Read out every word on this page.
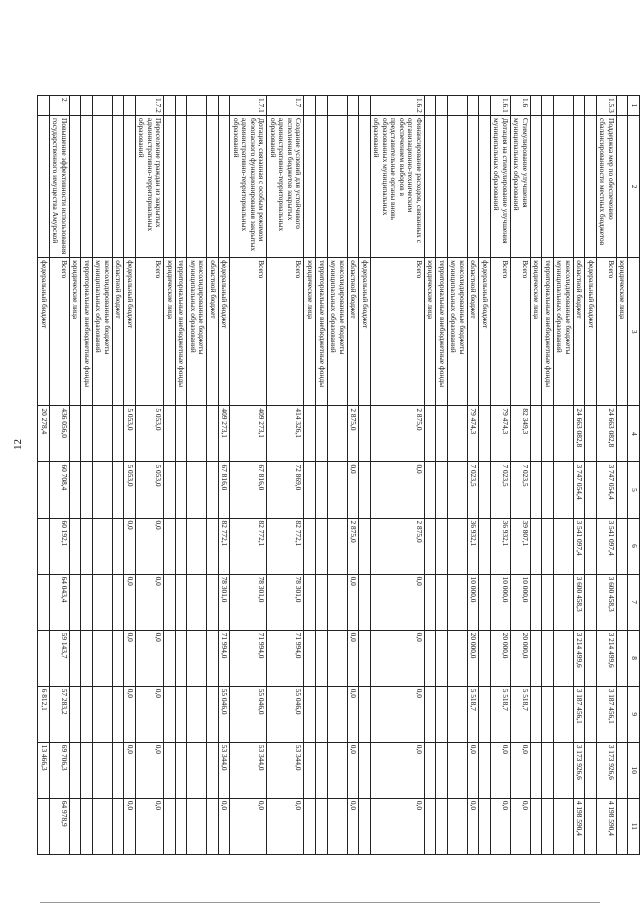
12
1	2	3	4	5	6	7	8	9	10	11
		юридические лица								
1.5.3	Поддержка мер по обеспечению сбалансированности местных бюджетов	Всего	24 663 082,8	3 747 054,4	3 541 097,4	3 600 458,3	3 214 499,6	3 187 456,1	3 173 926,6	4 198 590,4
		федеральный бюджет								
		областной бюджет	24 663 082,8	3 747 054,4	3 541 097,4	3 600 458,3	3 214 499,6	3 187 456,1	3 173 926,6	4 198 590,4
		консолидированные бюджеты муниципальных образований								
		территориальные внебюджетные фонды								
		юридические лица								
1.6	Стимулирование улучшения муниципальных образований	Всего	82 349,3	7 023,5	39 807,1	10 000,0	20 000,0	5 518,7	0,0	0,0
1.6.1	Дотация на стимулирование улучшения муниципальных образований	Всего	79 474,3	7 023,5	36 932,1	10 000,0	20 000,0	5 518,7	0,0	0,0
		федеральный бюджет								
		областной бюджет	79 474,3	7 023,5	36 932,1	10 000,0	20 000,0	5 518,7	0,0	0,0
		консолидированные бюджеты муниципальных образований								
		территориальные внебюджетные фонды								
		юридические лица								
1.6.2	Финансирование расходов, связанных с организационно-техническим обеспечением выборов в представительные органы вновь образованных муниципальных образований	Всего	2 875,0	0,0	2 875,0	0,0	0,0	0,0	0,0	0,0
		федеральный бюджет								
		областной бюджет	2 875,0	0,0	2 875,0	0,0	0,0	0,0	0,0	0,0
		консолидированные бюджеты муниципальных образований								
		территориальные внебюджетные фонды								
		юридические лица								
1.7	Создание условий для устойчивого исполнения бюджетов закрытых административно-территориальных образований	Всего	414 326,1	72 869,0	82 772,1	78 301,0	71 994,0	55 046,0	53 344,0	0,0
1.7.1	Дотация, связанная с особым режимом безопасного функционирования закрытых административно-территориальных образований	Всего	409 273,1	67 816,0	82 772,1	78 301,0	71 994,0	55 046,0	53 344,0	0,0
		федеральный бюджет	409 273,1	67 816,0	82 772,1	78 301,0	71 994,0	55 046,0	53 344,0	0,0
		областной бюджет								
		консолидированные бюджеты муниципальных образований								
		территориальные внебюджетные фонды								
		юридические лица								
1.7.2	Переселение граждан из закрытых административно-территориальных образований	Всего	5 053,0	5 053,0	0,0	0,0	0,0	0,0	0,0	0,0
		федеральный бюджет	5 053,0	5 053,0	0,0	0,0	0,0	0,0	0,0	0,0
		областной бюджет								
		консолидированные бюджеты муниципальных образований								
		территориальные внебюджетные фонды								
		юридические лица								
2	Повышение эффективности использования государственного имущества Амурской	Всего	436 056,0	60 708,4	60 192,1	64 043,4	59 143,7	57 283,2	69 706,3	64 978,9
		федеральный бюджет	20 278,4					6 812,1	13 466,3	
